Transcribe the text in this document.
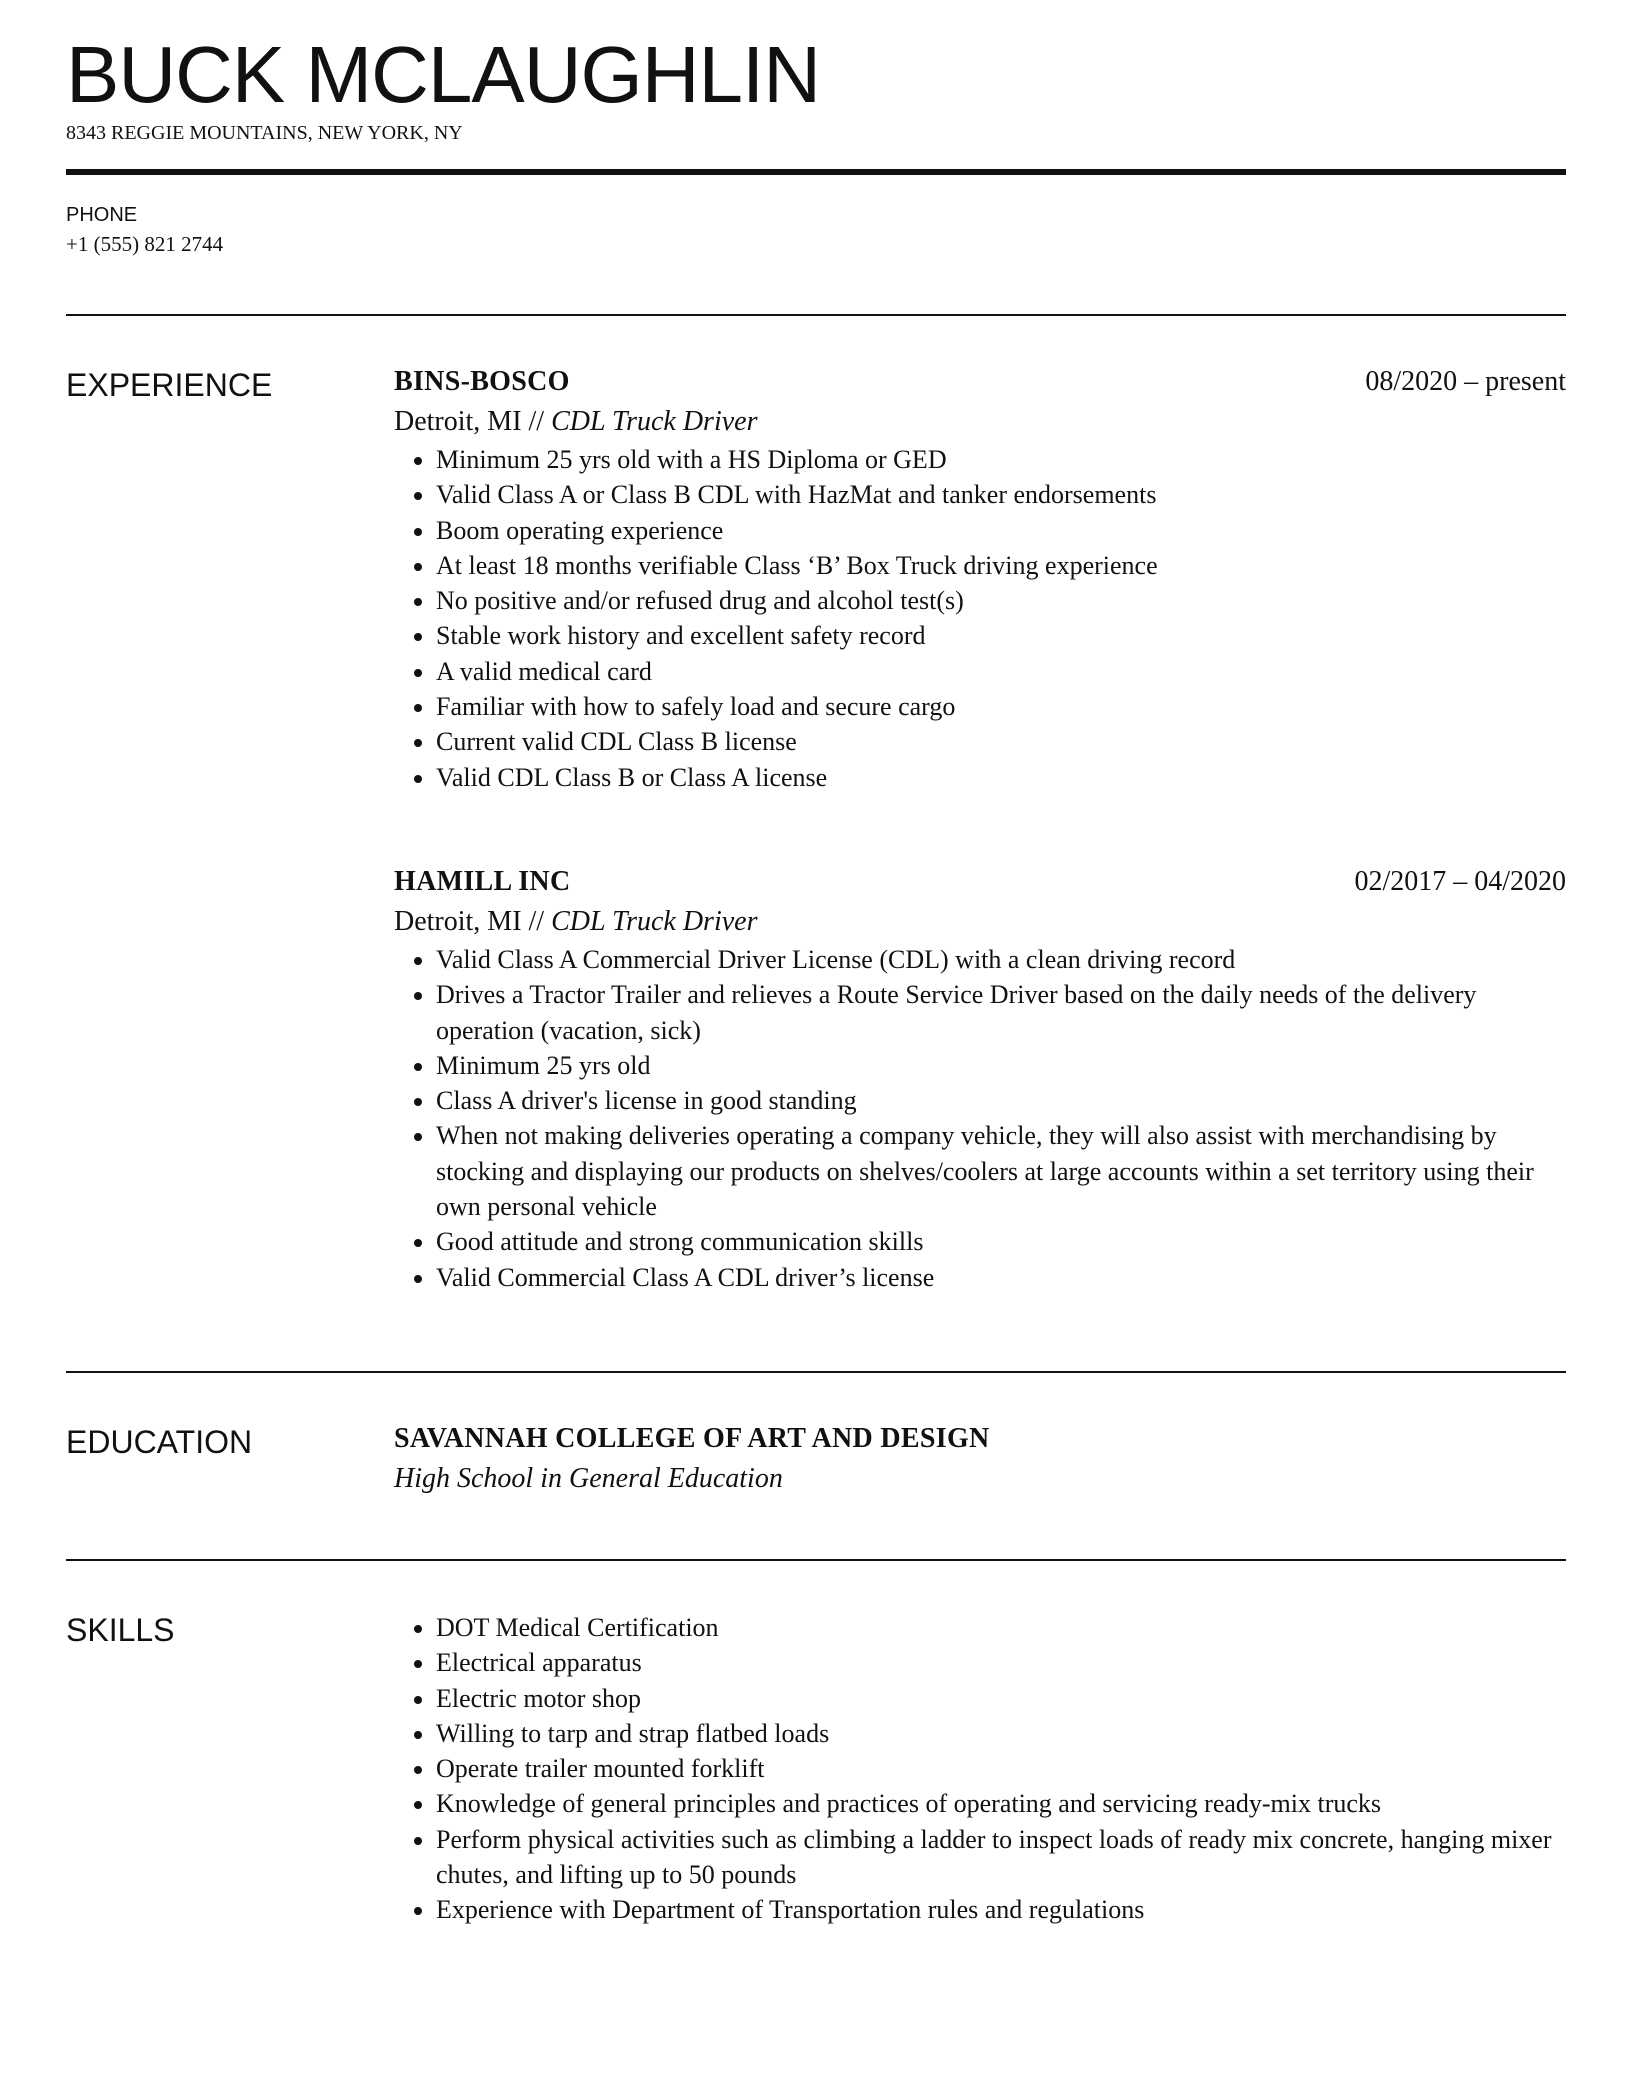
BUCK MCLAUGHLIN
8343 REGGIE MOUNTAINS, NEW YORK, NY
PHONE
+1 (555) 821 2744
EXPERIENCE	BINS-BOSCO	08/2020 – present
Detroit, MI // CDL Truck Driver
• Minimum 25 yrs old with a HS Diploma or GED
• Valid Class A or Class B CDL with HazMat and tanker endorsements
• Boom operating experience
• At least 18 months verifiable Class ‘B’ Box Truck driving experience
• No positive and/or refused drug and alcohol test(s)
• Stable work history and excellent safety record
• A valid medical card
• Familiar with how to safely load and secure cargo
• Current valid CDL Class B license
• Valid CDL Class B or Class A license
HAMILL INC	02/2017 – 04/2020
Detroit, MI // CDL Truck Driver
• Valid Class A Commercial Driver License (CDL) with a clean driving record
• Drives a Tractor Trailer and relieves a Route Service Driver based on the daily needs of the delivery operation (vacation, sick)
• Minimum 25 yrs old
• Class A driver's license in good standing
• When not making deliveries operating a company vehicle, they will also assist with merchandising by stocking and displaying our products on shelves/coolers at large accounts within a set territory using their own personal vehicle
• Good attitude and strong communication skills
• Valid Commercial Class A CDL driver’s license
EDUCATION	SAVANNAH COLLEGE OF ART AND DESIGN
High School in General Education
SKILLS
•	DOT Medical Certification
• Electrical apparatus
• Electric motor shop
• Willing to tarp and strap flatbed loads
• Operate trailer mounted forklift
• Knowledge of general principles and practices of operating and servicing ready-mix trucks
• Perform physical activities such as climbing a ladder to inspect loads of ready mix concrete, hanging mixer chutes, and lifting up to 50 pounds
• Experience with Department of Transportation rules and regulations
